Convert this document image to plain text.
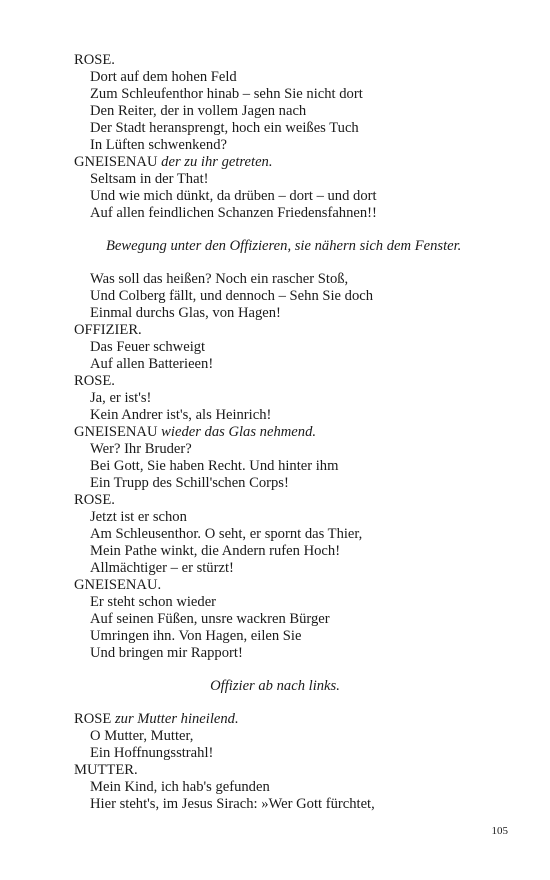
ROSE.
Dort auf dem hohen Feld
Zum Schleufenthor hinab – sehn Sie nicht dort
Den Reiter, der in vollem Jagen nach
Der Stadt heransprengt, hoch ein weißes Tuch
In Lüften schwenkend?
GNEISENAU der zu ihr getreten.
Seltsam in der That!
Und wie mich dünkt, da drüben – dort – und dort
Auf allen feindlichen Schanzen Friedensfahnen!!
Bewegung unter den Offizieren, sie nähern sich dem Fenster.
Was soll das heißen? Noch ein rascher Stoß,
Und Colberg fällt, und dennoch – Sehn Sie doch
Einmal durchs Glas, von Hagen!
OFFIZIER.
Das Feuer schweigt
Auf allen Batterieen!
ROSE.
Ja, er ist's!
Kein Andrer ist's, als Heinrich!
GNEISENAU wieder das Glas nehmend.
Wer? Ihr Bruder?
Bei Gott, Sie haben Recht. Und hinter ihm
Ein Trupp des Schill'schen Corps!
ROSE.
Jetzt ist er schon
Am Schleusenthor. O seht, er spornt das Thier,
Mein Pathe winkt, die Andern rufen Hoch!
Allmächtiger – er stürzt!
GNEISENAU.
Er steht schon wieder
Auf seinen Füßen, unsre wackren Bürger
Umringen ihn. Von Hagen, eilen Sie
Und bringen mir Rapport!
Offizier ab nach links.
ROSE zur Mutter hineilend.
O Mutter, Mutter,
Ein Hoffnungsstrahl!
MUTTER.
Mein Kind, ich hab's gefunden
Hier steht's, im Jesus Sirach: »Wer Gott fürchtet,
105
